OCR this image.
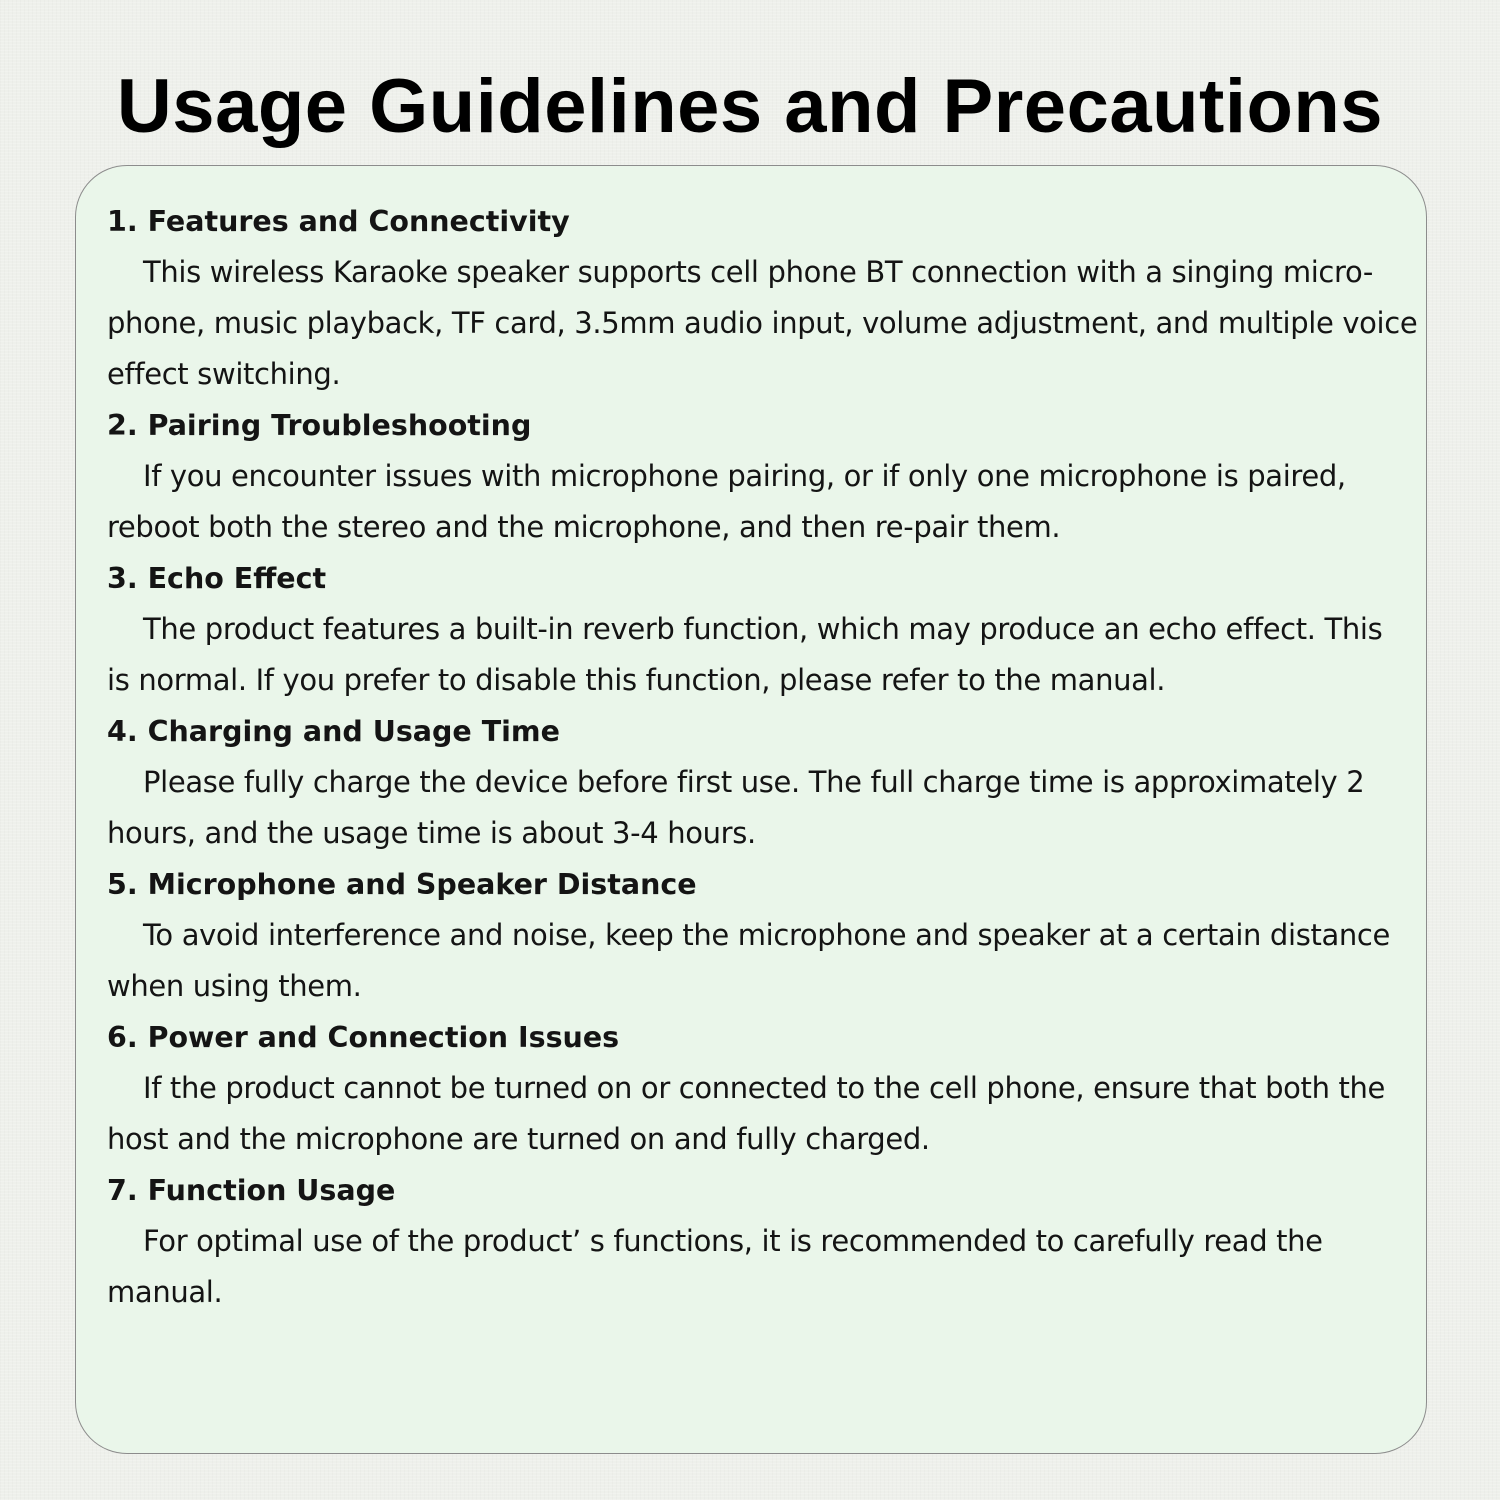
Usage Guidelines and Precautions

1. Features and Connectivity

This wireless Karaoke speaker supports cell phone BT connection with a singing micro-

phone, music playback, TF card, 3.5mm audio input, volume adjustment, and multiple voice

effect switching.

2. Pairing Troubleshooting

If you encounter issues with microphone pairing, or if only one microphone is paired,

reboot both the stereo and the microphone, and then re-pair them.

3. Echo Effect

The product features a built-in reverb function, which may produce an echo effect. This

is normal. If you prefer to disable this function, please refer to the manual.

4. Charging and Usage Time

Please fully charge the device before first use. The full charge time is approximately 2

hours, and the usage time is about 3-4 hours.

5. Microphone and Speaker Distance

To avoid interference and noise, keep the microphone and speaker at a certain distance

when using them.

6. Power and Connection Issues

If the product cannot be turned on or connected to the cell phone, ensure that both the

host and the microphone are turned on and fully charged.

7. Function Usage

For optimal use of the product’ s functions, it is recommended to carefully read the

manual.
